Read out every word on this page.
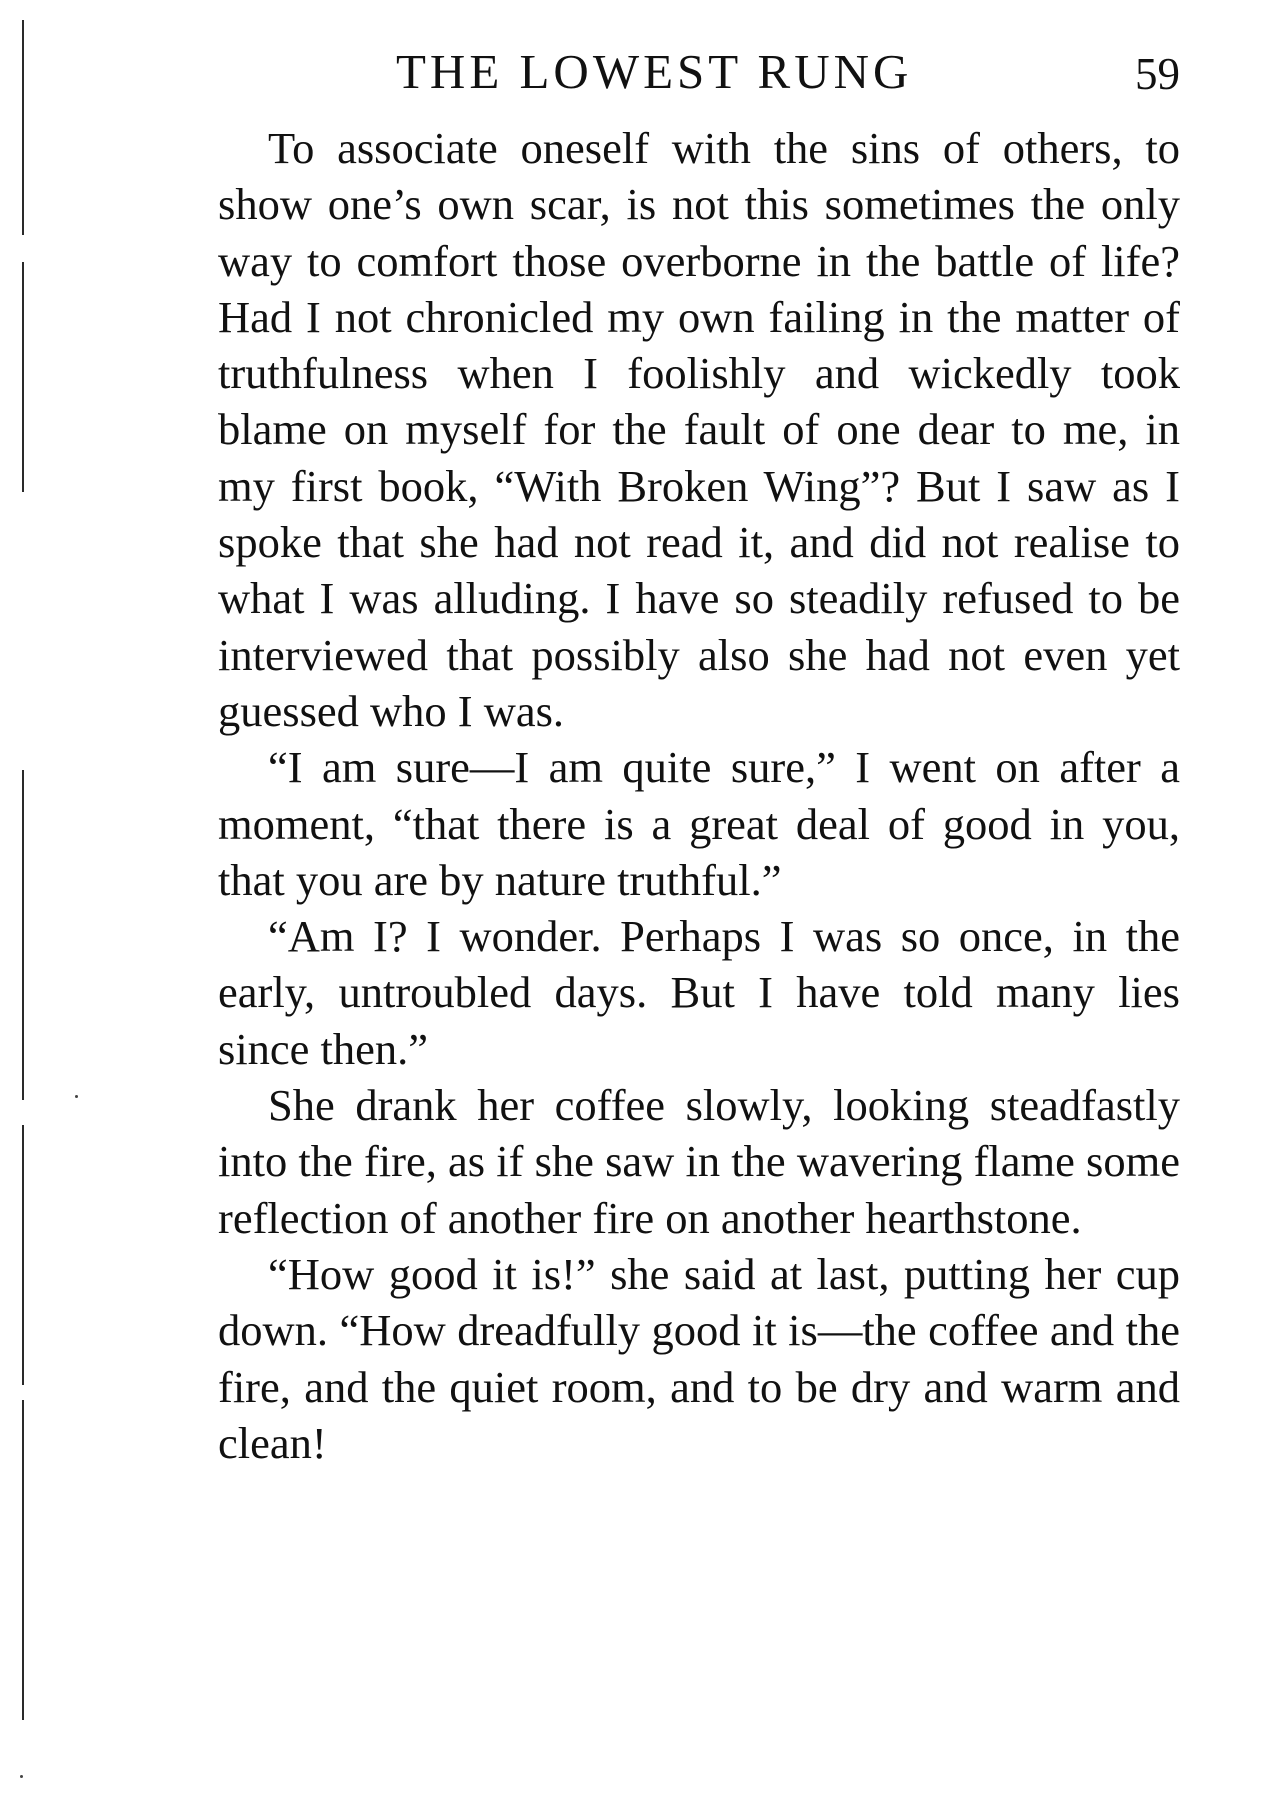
THE LOWEST RUNG	59

To associate oneself with the sins of others, to show one’s own scar, is not this sometimes the only way to comfort those overborne in the battle of life? Had I not chronicled my own failing in the matter of truthfulness when I foolishly and wickedly took blame on myself for the fault of one dear to me, in my first book, “With Broken Wing”? But I saw as I spoke that she had not read it, and did not realise to what I was alluding. I have so steadily refused to be interviewed that possibly also she had not even yet guessed who I was.

“I am sure—I am quite sure,” I went on after a moment, “that there is a great deal of good in you, that you are by nature truthful.”

“Am I? I wonder. Perhaps I was so once, in the early, untroubled days. But I have told many lies since then.”

She drank her coffee slowly, looking steadfastly into the fire, as if she saw in the wavering flame some reflection of another fire on another hearthstone.

“How good it is!” she said at last, putting her cup down. “How dreadfully good it is—the coffee and the fire, and the quiet room, and to be dry and warm and clean!
